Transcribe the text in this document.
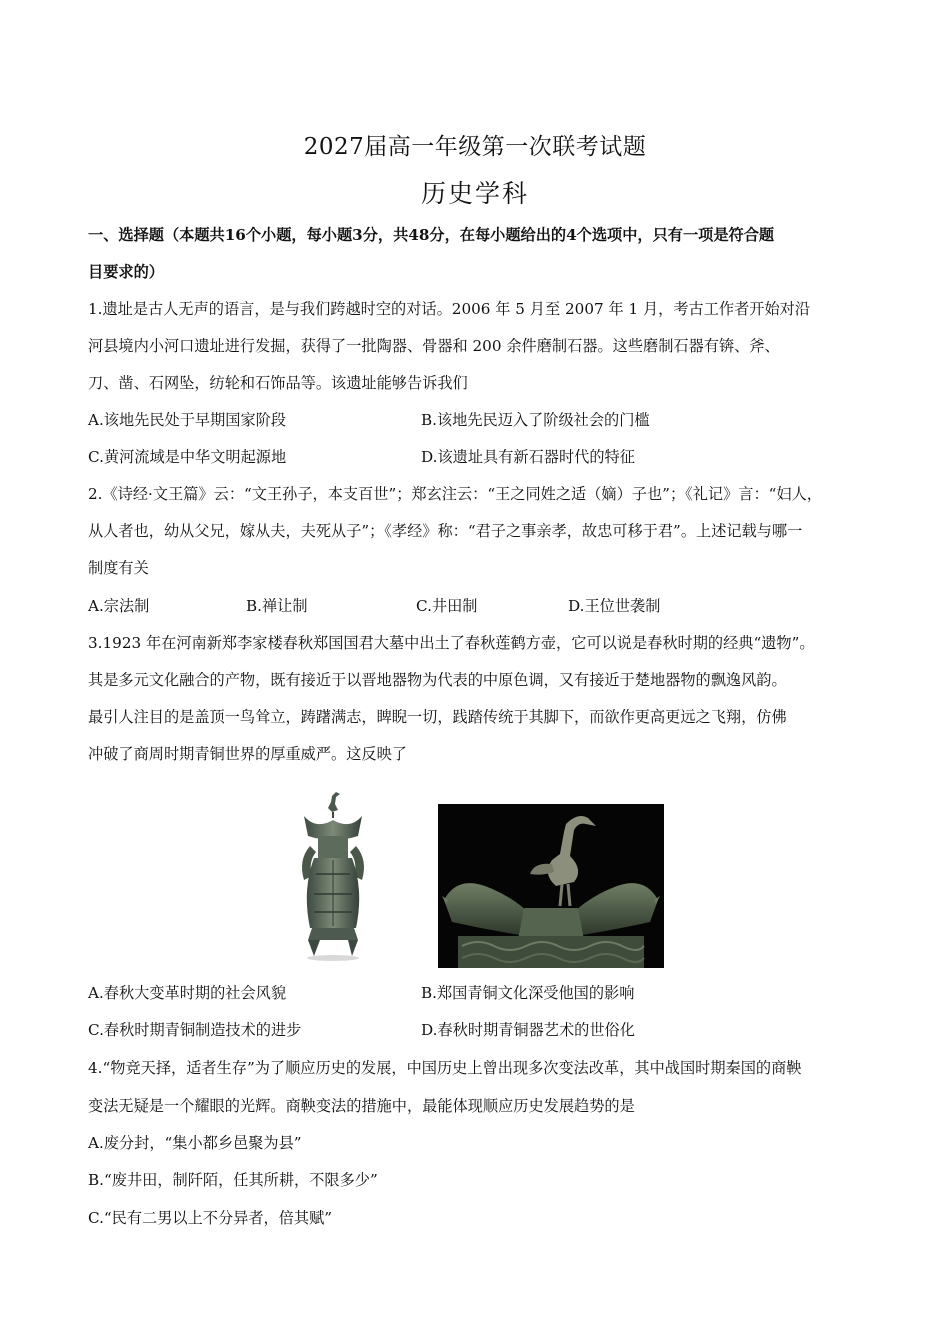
2027届高一年级第一次联考试题
历史学科
一、选择题（本题共16个小题，每小题3分，共48分，在每小题给出的4个选项中，只有一项是符合题
目要求的）
1.遗址是古人无声的语言，是与我们跨越时空的对话。2006 年 5 月至 2007 年 1 月，考古工作者开始对沿
河县境内小河口遗址进行发掘，获得了一批陶器、骨器和 200 余件磨制石器。这些磨制石器有锛、斧、
刀、凿、石网坠，纺轮和石饰品等。该遗址能够告诉我们
A.该地先民处于早期国家阶段	B.该地先民迈入了阶级社会的门槛
C.黄河流域是中华文明起源地	D.该遗址具有新石器时代的特征
2.《诗经·文王篇》云：“文王孙子，本支百世”；郑玄注云：“王之同姓之适（嫡）子也”；《礼记》言：“妇人，
从人者也，幼从父兄，嫁从夫，夫死从子”；《孝经》称：“君子之事亲孝，故忠可移于君”。上述记载与哪一
制度有关
A.宗法制	B.禅让制	C.井田制	D.王位世袭制
3.1923 年在河南新郑李家楼春秋郑国国君大墓中出土了春秋莲鹤方壶，它可以说是春秋时期的经典“遗物”。
其是多元文化融合的产物，既有接近于以晋地器物为代表的中原色调，又有接近于楚地器物的飘逸风韵。
最引人注目的是盖顶一鸟耸立，踌躇满志，睥睨一切，践踏传统于其脚下，而欲作更高更远之飞翔，仿佛
冲破了商周时期青铜世界的厚重威严。这反映了
A.春秋大变革时期的社会风貌	B.郑国青铜文化深受他国的影响
C.春秋时期青铜制造技术的进步	D.春秋时期青铜器艺术的世俗化
4.“物竞天择，适者生存”为了顺应历史的发展，中国历史上曾出现多次变法改革，其中战国时期秦国的商鞅
变法无疑是一个耀眼的光辉。商鞅变法的措施中，最能体现顺应历史发展趋势的是
A.废分封，“集小都乡邑聚为县”
B.“废井田，制阡陌，任其所耕，不限多少”
C.“民有二男以上不分异者，倍其赋”
